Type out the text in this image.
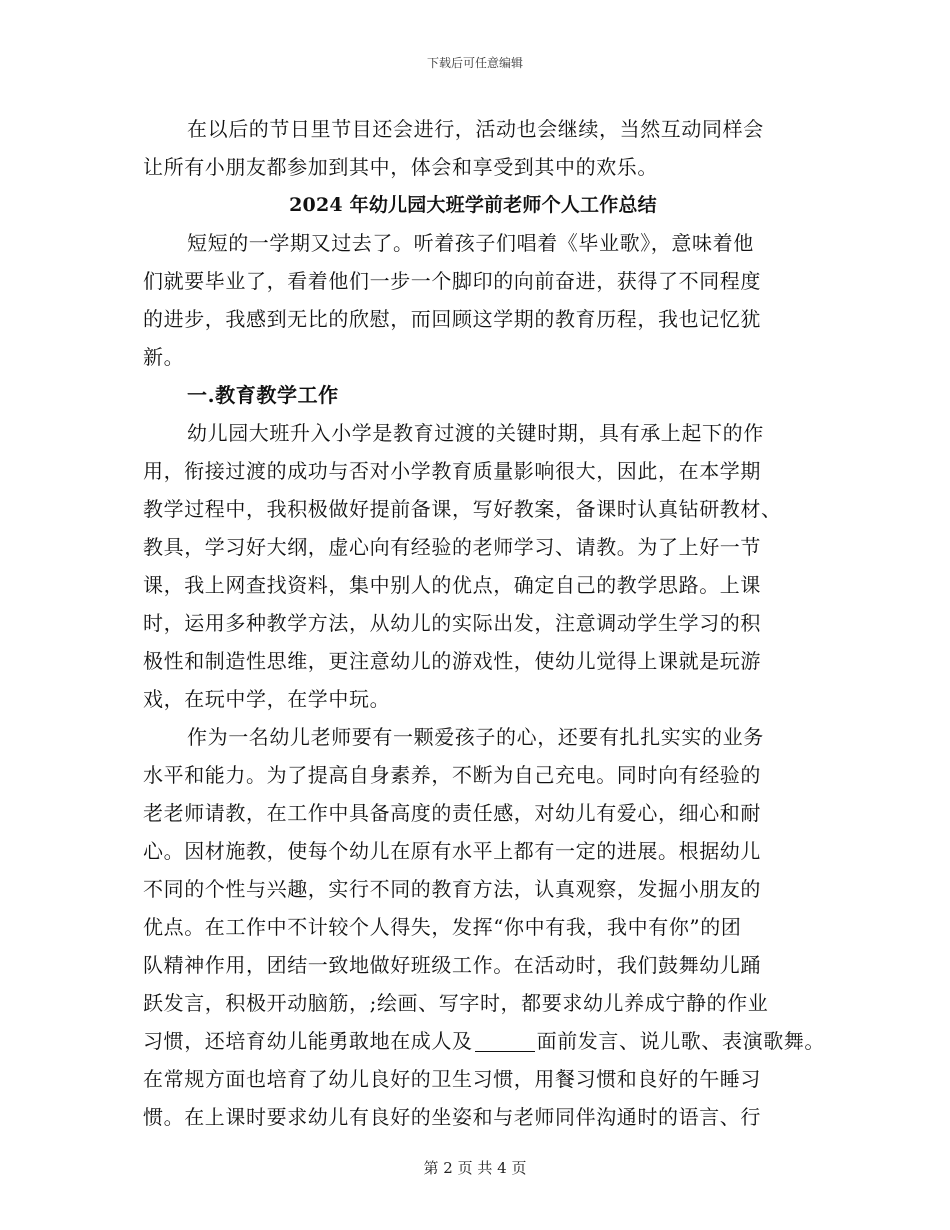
下载后可任意编辑
在以后的节日里节目还会进行，活动也会继续，当然互动同样会
让所有小朋友都参加到其中，体会和享受到其中的欢乐。
2024 年幼儿园大班学前老师个人工作总结
短短的一学期又过去了。听着孩子们唱着《毕业歌》，意味着他
们就要毕业了，看着他们一步一个脚印的向前奋进，获得了不同程度
的进步，我感到无比的欣慰，而回顾这学期的教育历程，我也记忆犹
新。
一.教育教学工作
幼儿园大班升入小学是教育过渡的关键时期，具有承上起下的作
用，衔接过渡的成功与否对小学教育质量影响很大，因此，在本学期
教学过程中，我积极做好提前备课，写好教案，备课时认真钻研教材、
教具，学习好大纲，虚心向有经验的老师学习、请教。为了上好一节
课，我上网查找资料，集中别人的优点，确定自己的教学思路。上课
时，运用多种教学方法，从幼儿的实际出发，注意调动学生学习的积
极性和制造性思维，更注意幼儿的游戏性，使幼儿觉得上课就是玩游
戏，在玩中学，在学中玩。
作为一名幼儿老师要有一颗爱孩子的心，还要有扎扎实实的业务
水平和能力。为了提高自身素养，不断为自己充电。同时向有经验的
老老师请教，在工作中具备高度的责任感，对幼儿有爱心，细心和耐
心。因材施教，使每个幼儿在原有水平上都有一定的进展。根据幼儿
不同的个性与兴趣，实行不同的教育方法，认真观察，发掘小朋友的
优点。在工作中不计较个人得失，发挥“你中有我，我中有你”的团
队精神作用，团结一致地做好班级工作。在活动时，我们鼓舞幼儿踊
跃发言，积极开动脑筋，;绘画、写字时，都要求幼儿养成宁静的作业
习惯，还培育幼儿能勇敢地在成人及	面前发言、说儿歌、表演歌舞。
在常规方面也培育了幼儿良好的卫生习惯，用餐习惯和良好的午睡习
惯。在上课时要求幼儿有良好的坐姿和与老师同伴沟通时的语言、行
第 2 页 共 4 页
